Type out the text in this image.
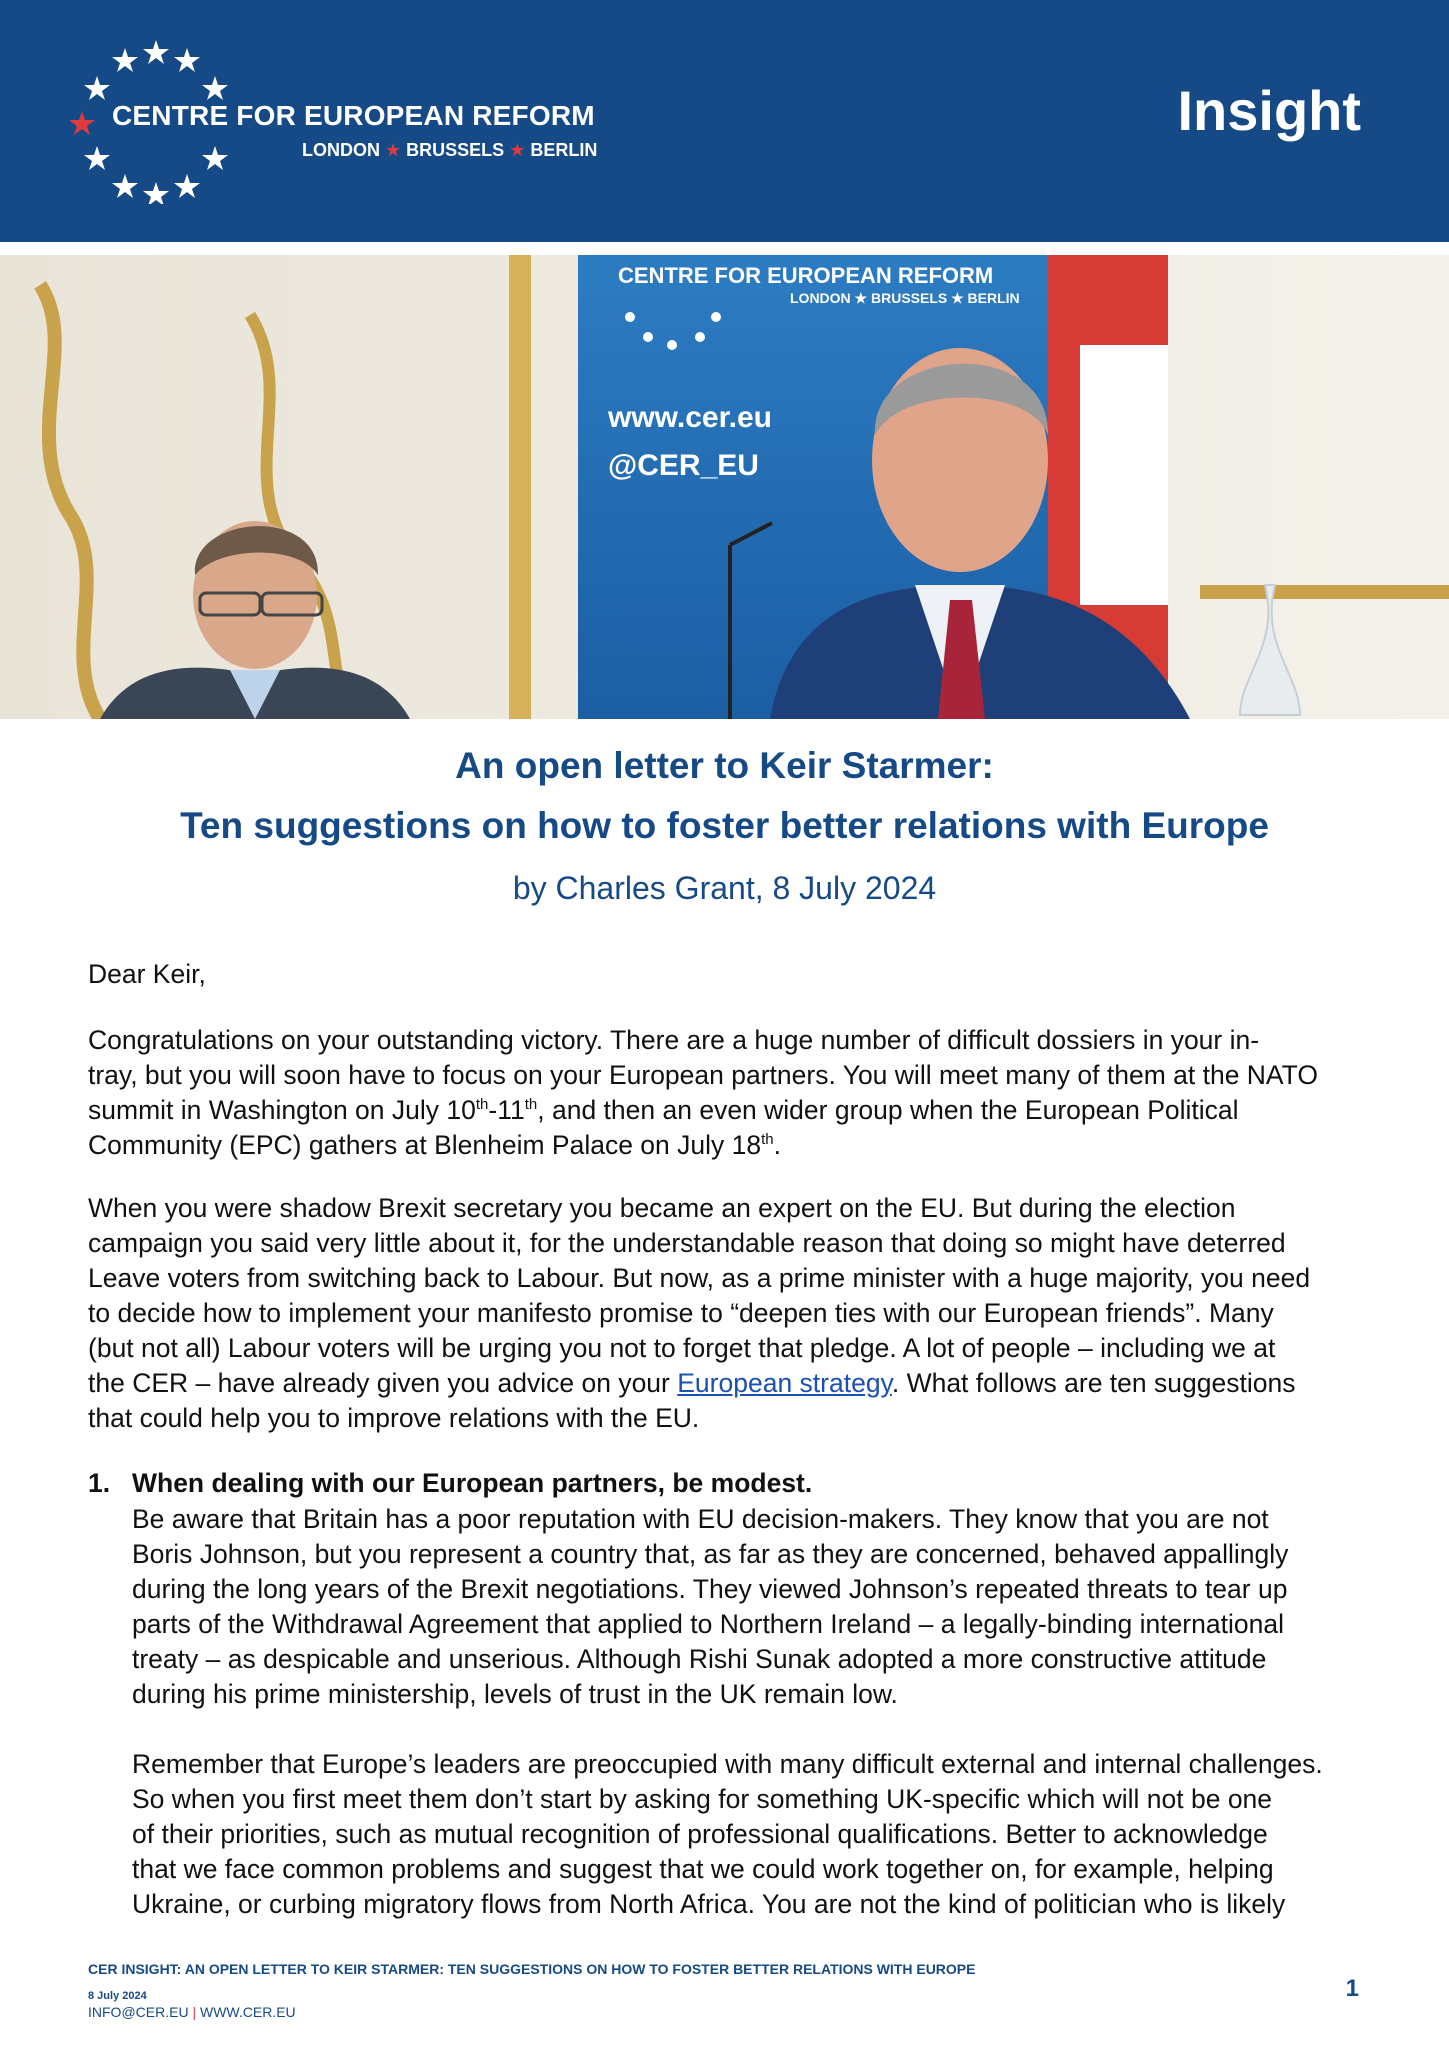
CENTRE FOR EUROPEAN REFORM
LONDON ★ BRUSSELS ★ BERLIN
Insight
CENTRE FOR EUROPEAN REFORM
LONDON ★ BRUSSELS ★ BERLIN
www.cer.eu
@CER_EU
An open letter to Keir Starmer:
Ten suggestions on how to foster better relations with Europe
by Charles Grant, 8 July 2024
Dear Keir,
Congratulations on your outstanding victory. There are a huge number of difficult dossiers in your in-
tray, but you will soon have to focus on your European partners. You will meet many of them at the NATO
summit in Washington on July 10th-11th, and then an even wider group when the European Political
Community (EPC) gathers at Blenheim Palace on July 18th.
When you were shadow Brexit secretary you became an expert on the EU. But during the election
campaign you said very little about it, for the understandable reason that doing so might have deterred
Leave voters from switching back to Labour. But now, as a prime minister with a huge majority, you need
to decide how to implement your manifesto promise to “deepen ties with our European friends”. Many
(but not all) Labour voters will be urging you not to forget that pledge. A lot of people – including we at
the CER – have already given you advice on your European strategy. What follows are ten suggestions
that could help you to improve relations with the EU.
1. When dealing with our European partners, be modest.
Be aware that Britain has a poor reputation with EU decision-makers. They know that you are not
Boris Johnson, but you represent a country that, as far as they are concerned, behaved appallingly
during the long years of the Brexit negotiations. They viewed Johnson’s repeated threats to tear up
parts of the Withdrawal Agreement that applied to Northern Ireland – a legally-binding international
treaty – as despicable and unserious. Although Rishi Sunak adopted a more constructive attitude
during his prime ministership, levels of trust in the UK remain low.
Remember that Europe’s leaders are preoccupied with many difficult external and internal challenges.
So when you first meet them don’t start by asking for something UK-specific which will not be one
of their priorities, such as mutual recognition of professional qualifications. Better to acknowledge
that we face common problems and suggest that we could work together on, for example, helping
Ukraine, or curbing migratory flows from North Africa. You are not the kind of politician who is likely
CER INSIGHT: AN OPEN LETTER TO KEIR STARMER: TEN SUGGESTIONS ON HOW TO FOSTER BETTER RELATIONS WITH EUROPE
8 July 2024
INFO@CER.EU | WWW.CER.EU
1
